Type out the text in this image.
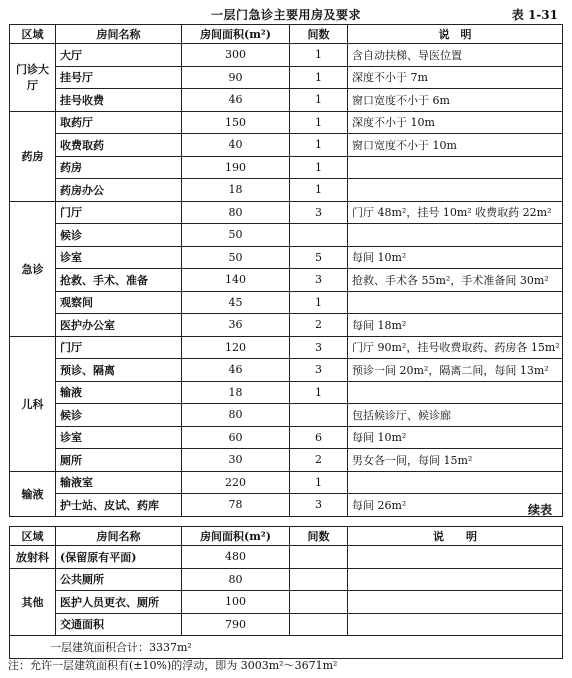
一层门急诊主要用房及要求	表 1-31
区域	房间名称	房间面积(m²)	间数	说　明
门诊大厅	大厅	300	1	含自动扶梯、导医位置
	挂号厅	90	1	深度不小于 7m
	挂号收费	46	1	窗口宽度不小于 6m
药房	取药厅	150	1	深度不小于 10m
	收费取药	40	1	窗口宽度不小于 10m
	药房	190	1	
	药房办公	18	1	
急诊	门厅	80	3	门厅 48m²，挂号 10m² 收费取药 22m²
	候诊	50		
	诊室	50	5	每间 10m²
	抢救、手术、准备	140	3	抢救、手术各 55m²，手术准备间 30m²
	观察间	45	1	
	医护办公室	36	2	每间 18m²
儿科	门厅	120	3	门厅 90m²，挂号收费取药、药房各 15m²
	预诊、隔离	46	3	预诊一间 20m²，隔离二间，每间 13m²
	输液	18	1	
	候诊	80		包括候诊厅、候诊廊
	诊室	60	6	每间 10m²
	厕所	30	2	男女各一间，每间 15m²
输液	输液室	220	1	
	护士站、皮试、药库	78	3	每间 26m²	续表
区域	房间名称	房间面积(m²)	间数	说　　明
放射科	(保留原有平面)	480		
其他	公共厕所	80		
	医护人员更衣、厕所	100		
	交通面积	790		
一层建筑面积合计：3337m²				
注：允许一层建筑面积有(±10%)的浮动，即为 3003m²～3671m²
